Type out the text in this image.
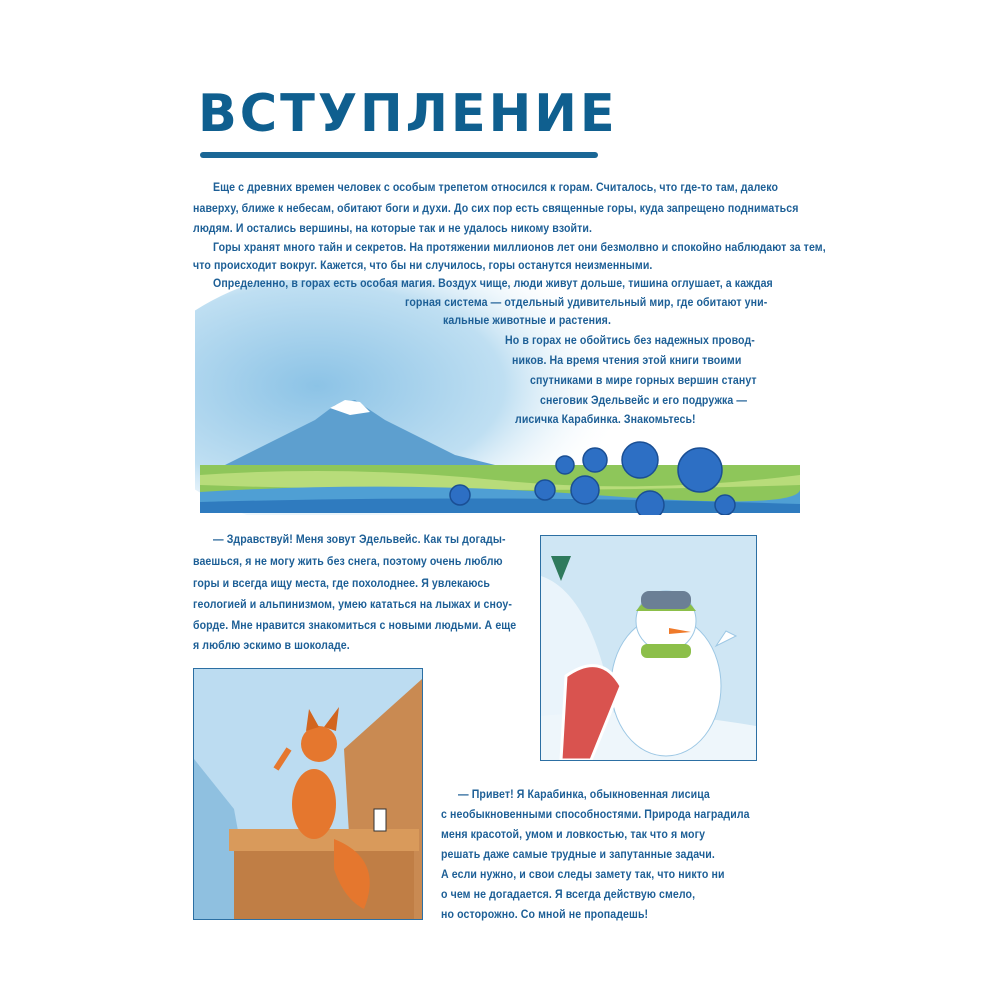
ВСТУПЛЕНИЕ
Еще с древних времен человек с особым трепетом относился к горам. Считалось, что где-то там, далеко
наверху, ближе к небесам, обитают боги и духи. До сих пор есть священные горы, куда запрещено подниматься
людям. И остались вершины, на которые так и не удалось никому взойти.
Горы хранят много тайн и секретов. На протяжении миллионов лет они безмолвно и спокойно наблюдают за тем,
что происходит вокруг. Кажется, что бы ни случилось, горы останутся неизменными.
Определенно, в горах есть особая магия. Воздух чище, люди живут дольше, тишина оглушает, а каждая
горная система — отдельный удивительный мир, где обитают уни-
кальные животные и растения.
Но в горах не обойтись без надежных провод-
ников. На время чтения этой книги твоими
спутниками в мире горных вершин станут
снеговик Эдельвейс и его подружка —
лисичка Карабинка. Знакомьтесь!
— Здравствуй! Меня зовут Эдельвейс. Как ты догады-
ваешься, я не могу жить без снега, поэтому очень люблю
горы и всегда ищу места, где похолоднее. Я увлекаюсь
геологией и альпинизмом, умею кататься на лыжах и сноу-
борде. Мне нравится знакомиться с новыми людьми. А еще
я люблю эскимо в шоколаде.
— Привет! Я Карабинка, обыкновенная лисица
с необыкновенными способностями. Природа наградила
меня красотой, умом и ловкостью, так что я могу
решать даже самые трудные и запутанные задачи.
А если нужно, и свои следы замету так, что никто ни
о чем не догадается. Я всегда действую смело,
но осторожно. Со мной не пропадешь!
